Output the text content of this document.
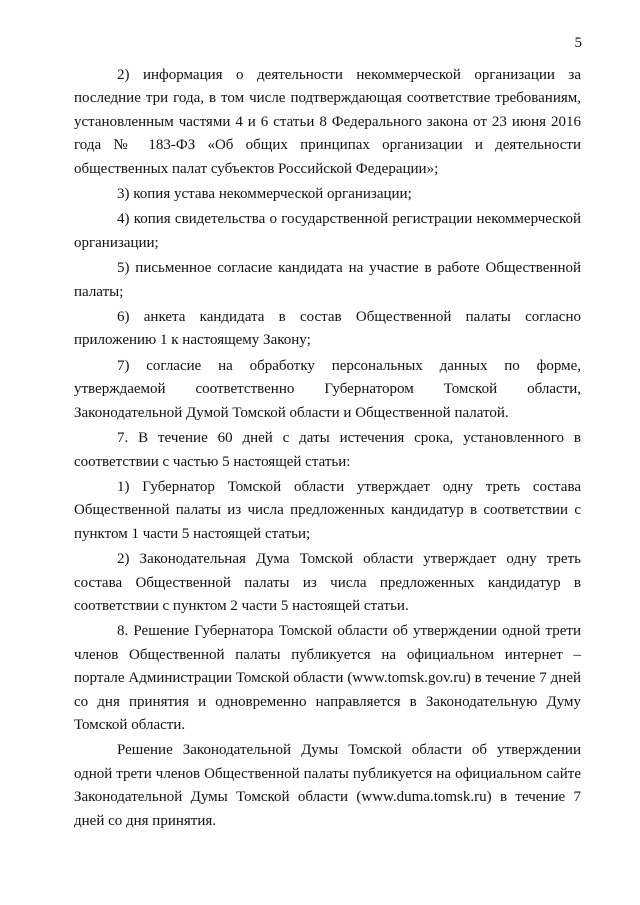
5

2) информация о деятельности некоммерческой организации за последние три года, в том числе подтверждающая соответствие требованиям, установленным частями 4 и 6 статьи 8 Федерального закона от 23 июня 2016 года № 183-ФЗ «Об общих принципах организации и деятельности общественных палат субъектов Российской Федерации»;

3) копия устава некоммерческой организации;

4) копия свидетельства о государственной регистрации некоммерческой организации;

5) письменное согласие кандидата на участие в работе Общественной палаты;

6) анкета кандидата в состав Общественной палаты согласно приложению 1 к настоящему Закону;

7) согласие на обработку персональных данных по форме, утверждаемой соответственно Губернатором Томской области, Законодательной Думой Томской области и Общественной палатой.

7. В течение 60 дней с даты истечения срока, установленного в соответствии с частью 5 настоящей статьи:

1) Губернатор Томской области утверждает одну треть состава Общественной палаты из числа предложенных кандидатур в соответствии с пунктом 1 части 5 настоящей статьи;

2) Законодательная Дума Томской области утверждает одну треть состава Общественной палаты из числа предложенных кандидатур в соответствии с пунктом 2 части 5 настоящей статьи.

8. Решение Губернатора Томской области об утверждении одной трети членов Общественной палаты публикуется на официальном интернет – портале Администрации Томской области (www.tomsk.gov.ru) в течение 7 дней со дня принятия и одновременно направляется в Законодательную Думу Томской области.

Решение Законодательной Думы Томской области об утверждении одной трети членов Общественной палаты публикуется на официальном сайте Законодательной Думы Томской области (www.duma.tomsk.ru) в течение 7 дней со дня принятия.
